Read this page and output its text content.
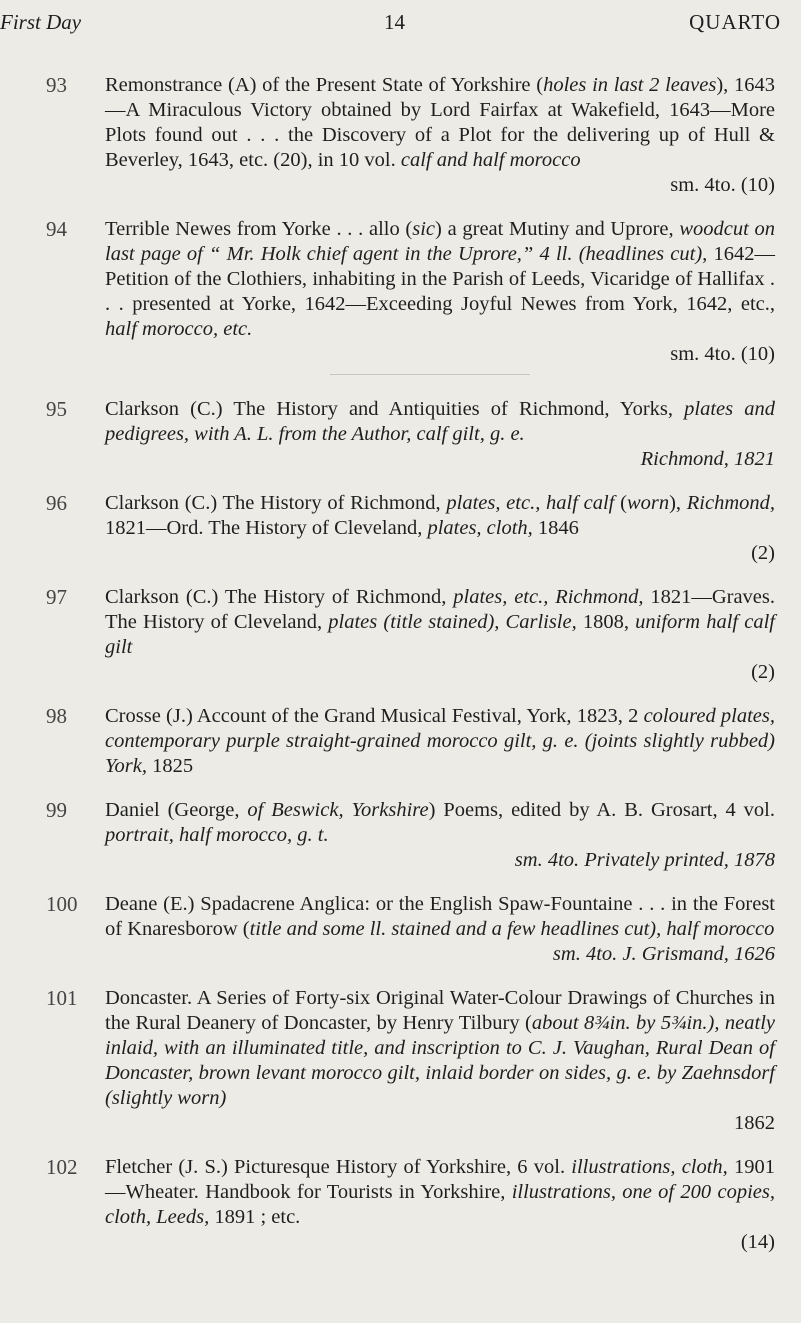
First Day	14	QUARTO
93	Remonstrance (A) of the Present State of Yorkshire (holes in last 2 leaves), 1643—A Miraculous Victory obtained by Lord Fairfax at Wakefield, 1643—More Plots found out . . . the Discovery of a Plot for the delivering up of Hull & Beverley, 1643, etc. (20), in 10 vol. calf and half morocco
sm. 4to. (10)
94	Terrible Newes from Yorke . . . allo (sic) a great Mutiny and Uprore, woodcut on last page of “ Mr. Holk chief agent in the Uprore,” 4 ll. (headlines cut), 1642—Petition of the Clothiers, inhabiting in the Parish of Leeds, Vicaridge of Hallifax . . . presented at Yorke, 1642—Exceeding Joyful Newes from York, 1642, etc., half morocco, etc.
sm. 4to. (10)
95	Clarkson (C.) The History and Antiquities of Richmond, Yorks, plates and pedigrees, with A. L. from the Author, calf gilt, g. e.
Richmond, 1821
96	Clarkson (C.) The History of Richmond, plates, etc., half calf (worn), Richmond, 1821—Ord. The History of Cleveland, plates, cloth, 1846
(2)
97	Clarkson (C.) The History of Richmond, plates, etc., Richmond, 1821—Graves. The History of Cleveland, plates (title stained), Carlisle, 1808, uniform half calf gilt
(2)
98	Crosse (J.) Account of the Grand Musical Festival, York, 1823, 2 coloured plates, contemporary purple straight-grained morocco gilt, g. e. (joints slightly rubbed) York, 1825
99	Daniel (George, of Beswick, Yorkshire) Poems, edited by A. B. Grosart, 4 vol. portrait, half morocco, g. t.
sm. 4to. Privately printed, 1878
100	Deane (E.) Spadacrene Anglica: or the English Spaw-Fountaine . . . in the Forest of Knaresborow (title and some ll. stained and a few headlines cut), half morocco
sm. 4to. J. Grismand, 1626
101	Doncaster. A Series of Forty-six Original Water-Colour Drawings of Churches in the Rural Deanery of Doncaster, by Henry Tilbury (about 8¾in. by 5¾in.), neatly inlaid, with an illuminated title, and inscription to C. J. Vaughan, Rural Dean of Doncaster, brown levant morocco gilt, inlaid border on sides, g. e. by Zaehnsdorf (slightly worn)
1862
102	Fletcher (J. S.) Picturesque History of Yorkshire, 6 vol. illustrations, cloth, 1901—Wheater. Handbook for Tourists in Yorkshire, illustrations, one of 200 copies, cloth, Leeds, 1891 ; etc.
(14)
